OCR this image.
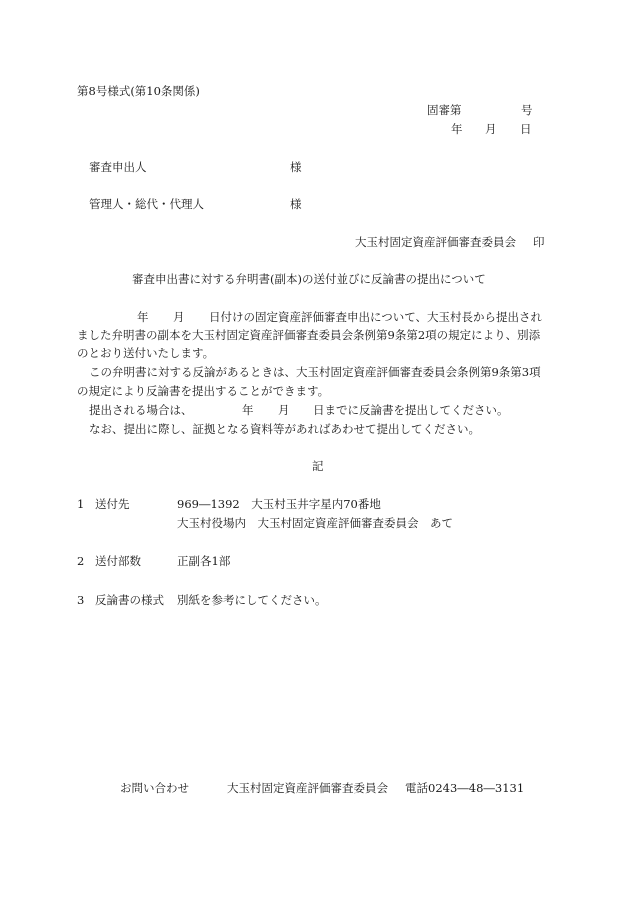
第8号様式(第10条関係)
固審第	号
年 月 日
審査申出人	様
管理人・総代・代理人	様
大玉村固定資産評価審査委員会 印
審査申出書に対する弁明書(副本)の送付並びに反論書の提出について
年 月 日付けの固定資産評価審査申出について、大玉村長から提出され
ました弁明書の副本を大玉村固定資産評価審査委員会条例第9条第2項の規定により、別添
のとおり送付いたします。
この弁明書に対する反論があるときは、大玉村固定資産評価審査委員会条例第9条第3項
の規定により反論書を提出することができます。
提出される場合は、	年 月 日までに反論書を提出してください。
なお、提出に際し、証拠となる資料等があればあわせて提出してください。
記
1 送付先	969―1392　大玉村玉井字星内70番地
大玉村役場内　大玉村固定資産評価審査委員会　あて
2 送付部数	正副各1部
3 反論書の様式 別紙を参考にしてください。
お問い合わせ	大玉村固定資産評価審査委員会 電話0243―48―3131
